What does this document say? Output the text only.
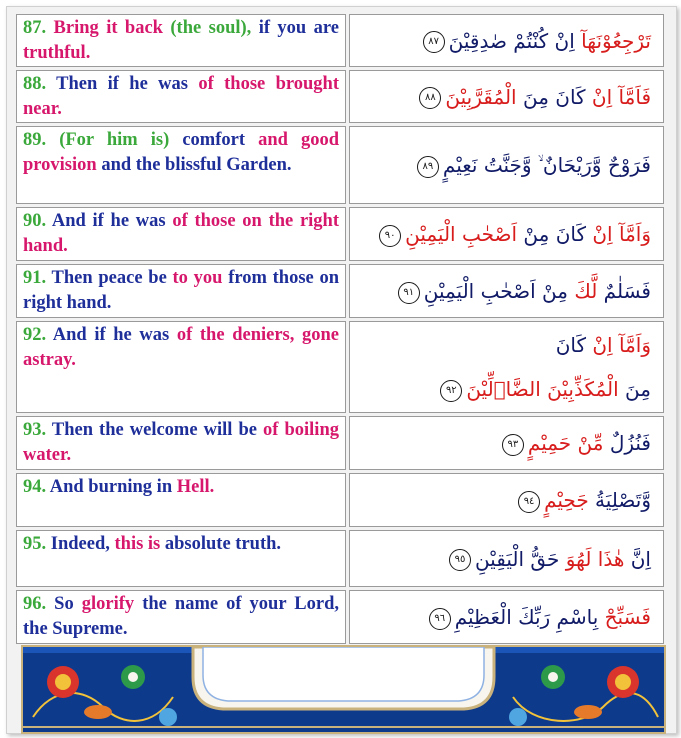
87. Bring it back (the soul), if you are truthful.	تَرْجِعُوْنَهَآ اِنْ كُنْتُمْ صٰدِقِيْنَ٨٧

88. Then if he was of those brought near.	فَاَمَّآ اِنْ كَانَ مِنَ الْمُقَرَّبِيْنَ٨٨

89. (For him is) comfort and good provision and the blissful Garden.	فَرَوْحٌ وَّرَيْحَانٌ ۙ وَّجَنَّتُ نَعِيْمٍ٨٩

90. And if he was of those on the right hand.	وَاَمَّآ اِنْ كَانَ مِنْ اَصْحٰبِ الْيَمِيْنِ٩٠

91. Then peace be to you from those on right hand.	فَسَلٰمٌ لَّكَ مِنْ اَصْحٰبِ الْيَمِيْنِ٩١

92. And if he was of the deniers, gone astray.	وَاَمَّآ اِنْ كَانَ
مِنَ الْمُكَذِّبِيْنَ الضَّاۤلِّيْنَ٩٢

93. Then the welcome will be of boiling water.	فَنُزُلٌ مِّنْ حَمِيْمٍ٩٣

94. And burning in Hell.	وَّتَصْلِيَةُ جَحِيْمٍ٩٤

95. Indeed, this is absolute truth.	اِنَّ هٰذَا لَهُوَ حَقُّ الْيَقِيْنِ٩٥

96. So glorify the name of your Lord, the Supreme.	فَسَبِّحْ بِاسْمِ رَبِّكَ الْعَظِيْمِ٩٦
